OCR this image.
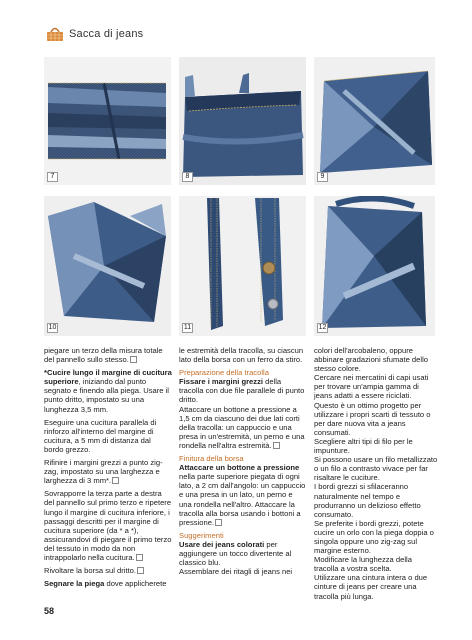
Sacca di jeans
7	8	9
10	11	12

piegare un terzo della misura totale del pannello sullo stesso.

*Cucire lungo il margine di cucitura superiore, iniziando dal punto segnato e finendo alla piega. Usare il punto dritto, impostato su una lunghezza 3,5 mm.

Eseguire una cucitura parallela di rinforzo all'interno del margine di cucitura, a 5 mm di distanza dal bordo grezzo.

Rifinire i margini grezzi a punto zig-zag, impostato su una larghezza e larghezza di 3 mm*.

Sovrapporre la terza parte a destra del pannello sul primo terzo e ripetere lungo il margine di cucitura inferiore, i passaggi descritti per il margine di cucitura superiore (da * a *), assicurandovi di piegare il primo terzo del tessuto in modo da non intrappolarlo nella cucitura.

Rivoltare la borsa sul dritto.

Segnare la piega dove applicherete

le estremità della tracolla, su ciascun lato della borsa con un ferro da stiro.

Preparazione della tracolla

Fissare i margini grezzi della tracolla con due file parallele di punto dritto.

Attaccare un bottone a pressione a 1,5 cm da ciascuno dei due lati corti della tracolla: un cappuccio e una presa in un'estremità, un perno e una rondella nell'altra estremità.

Finitura della borsa

Attaccare un bottone a pressione nella parte superiore piegata di ogni lato, a 2 cm dall'angolo: un cappuccio e una presa in un lato, un perno e una rondella nell'altro. Attaccare la tracolla alla borsa usando i bottoni a pressione.

Suggerimenti

Usare dei jeans colorati per aggiungere un tocco divertente al classico blu.

Assemblare dei ritagli di jeans nei

colori dell'arcobaleno, oppure abbinare gradazioni sfumate dello stesso colore.

Cercare nei mercatini di capi usati per trovare un'ampia gamma di jeans adatti a essere riciclati. Questo è un ottimo progetto per utilizzare i propri scarti di tessuto o per dare nuova vita a jeans consumati.

Scegliere altri tipi di filo per le impunture.

Si possono usare un filo metallizzato o un filo a contrasto vivace per far risaltare le cuciture.

I bordi grezzi si sfilaceranno naturalmente nel tempo e produrranno un delizioso effetto consumato.

Se preferite i bordi grezzi, potete cucire un orlo con la piega doppia o singola oppure uno zig-zag sul margine esterno.

Modificare la lunghezza della tracolla a vostra scelta.

Utilizzare una cintura intera o due cinture di jeans per creare una tracolla più lunga.

58
